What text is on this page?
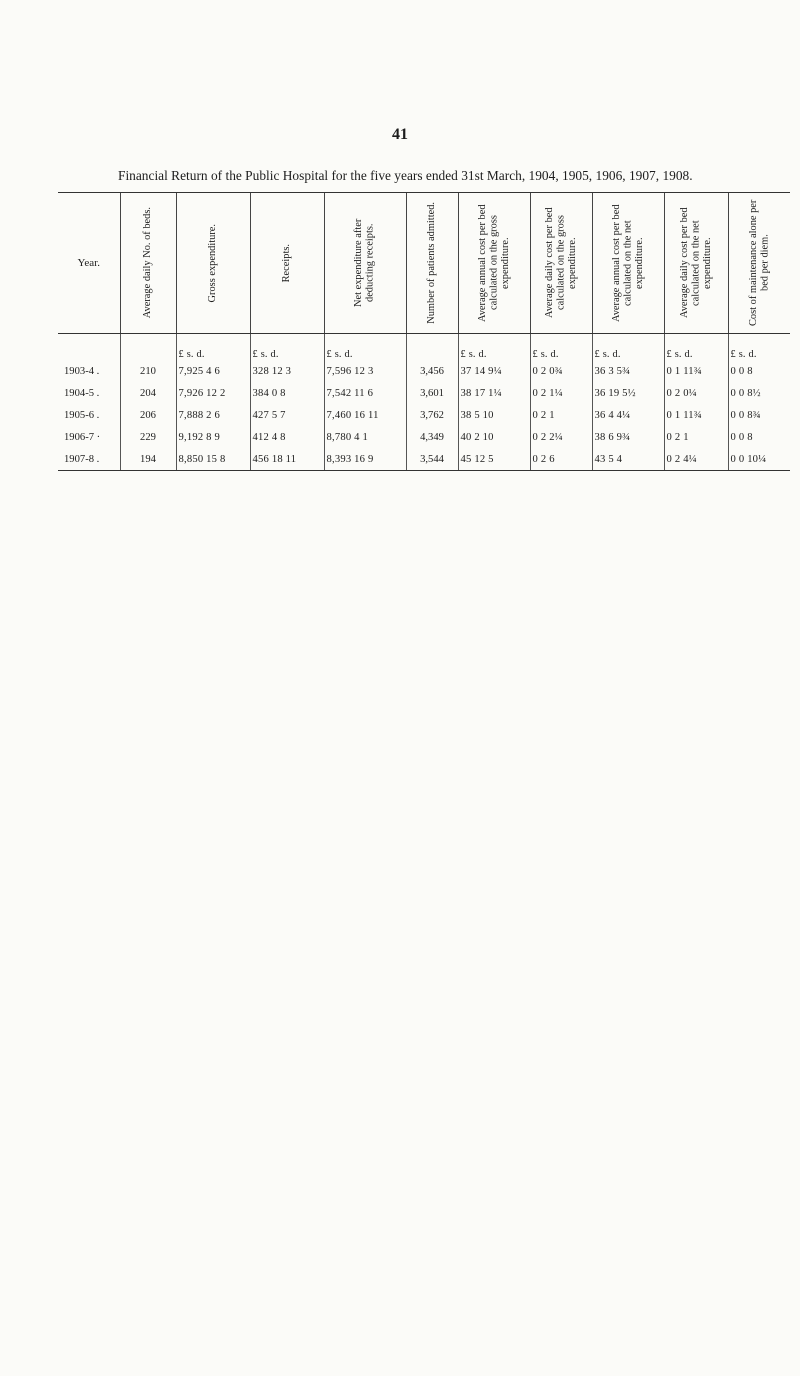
41
Financial Return of the Public Hospital for the five years ended 31st March, 1904, 1905, 1906, 1907, 1908.
Year.	Average daily No. of beds.	Gross expenditure.	Receipts.	Net expenditure after deducting receipts.	Number of patients admitted.	Average annual cost per bed calculated on the gross expenditure.	Average daily cost per bed calculated on the gross expenditure.	Average annual cost per bed calculated on the net expenditure.	Average daily cost per bed calculated on the net expenditure.	Cost of maintenance alone per bed per diem.

		£ s. d.	£ s. d.	£ s. d.		£ s. d.	£ s. d.	£ s. d.	£ s. d.	£ s. d.
1903-4 .	210	7,925 4 6	328 12 3	7,596 12 3	3,456	37 14 9¼	0 2 0¾	36 3 5¾	0 1 11¾	0 0 8
1904-5 .	204	7,926 12 2	384 0 8	7,542 11 6	3,601	38 17 1¼	0 2 1¼	36 19 5½	0 2 0¼	0 0 8½
1905-6 .	206	7,888 2 6	427 5 7	7,460 16 11	3,762	38 5 10	0 2 1	36 4 4¼	0 1 11¾	0 0 8¾
1906-7 ·	229	9,192 8 9	412 4 8	8,780 4 1	4,349	40 2 10	0 2 2¼	38 6 9¾	0 2 1	0 0 8
1907-8 .	194	8,850 15 8	456 18 11	8,393 16 9	3,544	45 12 5	0 2 6	43 5 4	0 2 4¼	0 0 10¼
